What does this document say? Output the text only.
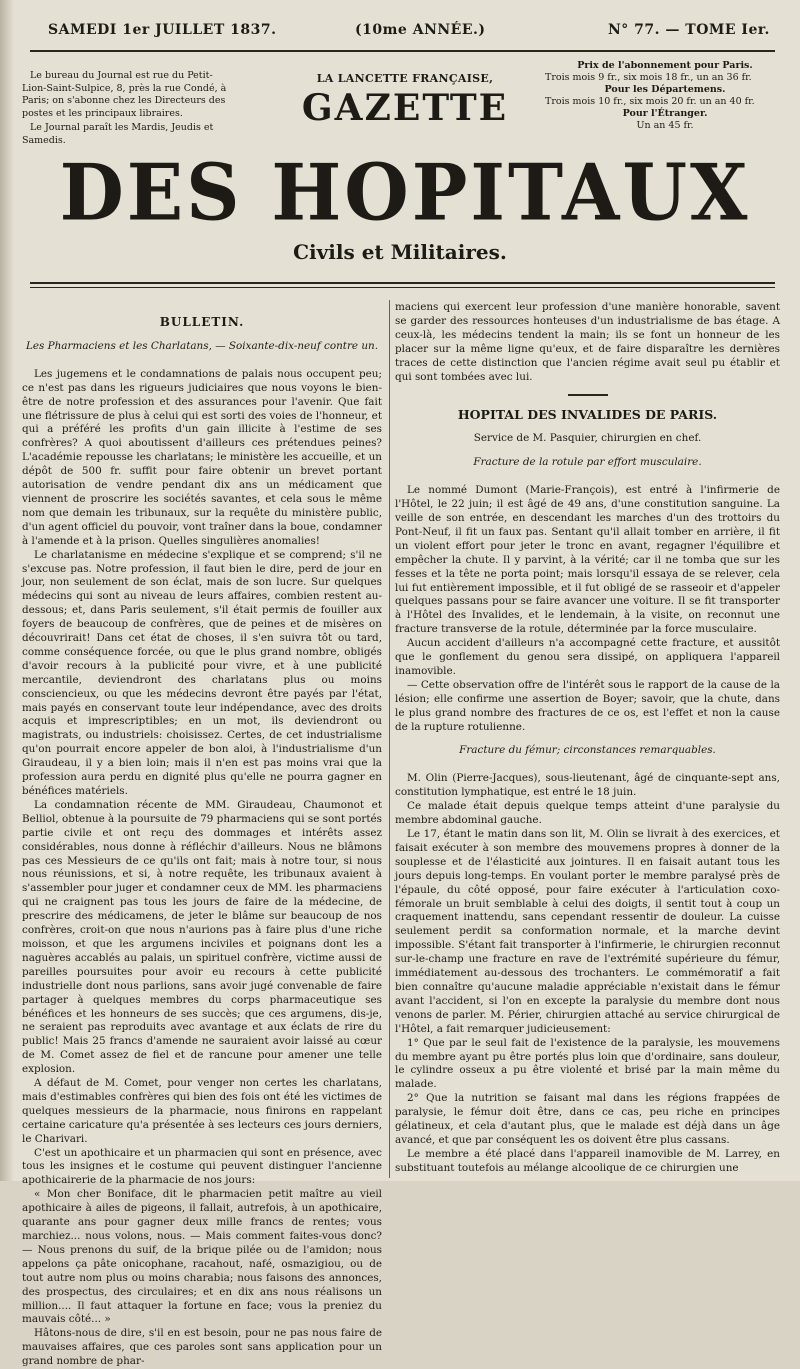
SAMEDI 1er JUILLET 1837.	(10me ANNÉE.)	N° 77. — TOME Ier.

Le bureau du Journal est rue du Petit-Lion-Saint-Sulpice, 8, près la rue Condé, à Paris; on s'abonne chez les Directeurs des postes et les principaux libraires.

Le Journal paraît les Mardis, Jeudis et Samedis.

LA LANCETTE FRANÇAISE,
GAZETTE
Prix de l'abonnement pour Paris.
Trois mois 9 fr., six mois 18 fr., un an 36 fr.
Pour les Départemens.
Trois mois 10 fr., six mois 20 fr. un an 40 fr.
Pour l'Étranger.
Un an 45 fr.
DES HOPITAUX
Civils et Militaires.
BULLETIN.
Les Pharmaciens et les Charlatans, — Soixante-dix-neuf contre un.

Les jugemens et le condamnations de palais nous occupent peu; ce n'est pas dans les rigueurs judiciaires que nous voyons le bien-être de notre profession et des assurances pour l'avenir. Que fait une flétrissure de plus à celui qui est sorti des voies de l'honneur, et qui a préféré les profits d'un gain illicite à l'estime de ses confrères? A quoi aboutissent d'ailleurs ces prétendues peines? L'académie repousse les charlatans; le ministère les accueille, et un dépôt de 500 fr. suffit pour faire obtenir un brevet portant autorisation de vendre pendant dix ans un médicament que viennent de proscrire les sociétés savantes, et cela sous le même nom que demain les tribunaux, sur la requête du ministère public, d'un agent officiel du pouvoir, vont traîner dans la boue, condamner à l'amende et à la prison. Quelles singulières anomalies!

Le charlatanisme en médecine s'explique et se comprend; s'il ne s'excuse pas. Notre profession, il faut bien le dire, perd de jour en jour, non seulement de son éclat, mais de son lucre. Sur quelques médecins qui sont au niveau de leurs affaires, combien restent au-dessous; et, dans Paris seulement, s'il était permis de fouiller aux foyers de beaucoup de confrères, que de peines et de misères on découvrirait! Dans cet état de choses, il s'en suivra tôt ou tard, comme conséquence forcée, ou que le plus grand nombre, obligés d'avoir recours à la publicité pour vivre, et à une publicité mercantile, deviendront des charlatans plus ou moins consciencieux, ou que les médecins devront être payés par l'état, mais payés en conservant toute leur indépendance, avec des droits acquis et imprescriptibles; en un mot, ils deviendront ou magistrats, ou industriels: choisissez. Certes, de cet industrialisme qu'on pourrait encore appeler de bon aloi, à l'industrialisme d'un Giraudeau, il y a bien loin; mais il n'en est pas moins vrai que la profession aura perdu en dignité plus qu'elle ne pourra gagner en bénéfices matériels.

La condamnation récente de MM. Giraudeau, Chaumonot et Belliol, obtenue à la poursuite de 79 pharmaciens qui se sont portés partie civile et ont reçu des dommages et intérêts assez considérables, nous donne à réfléchir d'ailleurs. Nous ne blâmons pas ces Messieurs de ce qu'ils ont fait; mais à notre tour, si nous nous réunissions, et si, à notre requête, les tribunaux avaient à s'assembler pour juger et condamner ceux de MM. les pharmaciens qui ne craignent pas tous les jours de faire de la médecine, de prescrire des médicamens, de jeter le blâme sur beaucoup de nos confrères, croit-on que nous n'aurions pas à faire plus d'une riche moisson, et que les argumens inciviles et poignans dont les a naguères accablés au palais, un spirituel confrère, victime aussi de pareilles poursuites pour avoir eu recours à cette publicité industrielle dont nous parlions, sans avoir jugé convenable de faire partager à quelques membres du corps pharmaceutique ses bénéfices et les honneurs de ses succès; que ces argumens, dis-je, ne seraient pas reproduits avec avantage et aux éclats de rire du public! Mais 25 francs d'amende ne sauraient avoir laissé au cœur de M. Comet assez de fiel et de rancune pour amener une telle explosion.

A défaut de M. Comet, pour venger non certes les charlatans, mais d'estimables confrères qui bien des fois ont été les victimes de quelques messieurs de la pharmacie, nous finirons en rappelant certaine caricature qu'a présentée à ses lecteurs ces jours derniers, le Charivari.

C'est un apothicaire et un pharmacien qui sont en présence, avec tous les insignes et le costume qui peuvent distinguer l'ancienne apothicairerie de la pharmacie de nos jours:

« Mon cher Boniface, dit le pharmacien petit maître au vieil apothicaire à ailes de pigeons, il fallait, autrefois, à un apothicaire, quarante ans pour gagner deux mille francs de rentes; vous marchiez... nous volons, nous. — Mais comment faites-vous donc? — Nous prenons du suif, de la brique pilée ou de l'amidon; nous appelons ça pâte onicophane, racahout, nafé, osmazigiou, ou de tout autre nom plus ou moins charabia; nous faisons des annonces, des prospectus, des circulaires; et en dix ans nous réalisons un million.... Il faut attaquer la fortune en face; vous la preniez du mauvais côté... »

Hâtons-nous de dire, s'il en est besoin, pour ne pas nous faire de mauvaises affaires, que ces paroles sont sans application pour un grand nombre de phar-

maciens qui exercent leur profession d'une manière honorable, savent se garder des ressources honteuses d'un industrialisme de bas étage. A ceux-là, les médecins tendent la main; ils se font un honneur de les placer sur la même ligne qu'eux, et de faire disparaître les dernières traces de cette distinction que l'ancien régime avait seul pu établir et qui sont tombées avec lui.

HOPITAL DES INVALIDES DE PARIS.
Service de M. Pasquier, chirurgien en chef.
Fracture de la rotule par effort musculaire.

Le nommé Dumont (Marie-François), est entré à l'infirmerie de l'Hôtel, le 22 juin; il est âgé de 49 ans, d'une constitution sanguine. La veille de son entrée, en descendant les marches d'un des trottoirs du Pont-Neuf, il fit un faux pas. Sentant qu'il allait tomber en arrière, il fit un violent effort pour jeter le tronc en avant, regagner l'équilibre et empêcher la chute. Il y parvint, à la vérité; car il ne tomba que sur les fesses et la tête ne porta point; mais lorsqu'il essaya de se relever, cela lui fut entièrement impossible, et il fut obligé de se rasseoir et d'appeler quelques passans pour se faire avancer une voiture. Il se fit transporter à l'Hôtel des Invalides, et le lendemain, à la visite, on reconnut une fracture transverse de la rotule, déterminée par la force musculaire.

Aucun accident d'ailleurs n'a accompagné cette fracture, et aussitôt que le gonflement du genou sera dissipé, on appliquera l'appareil inamovible.

— Cette observation offre de l'intérêt sous le rapport de la cause de la lésion; elle confirme une assertion de Boyer; savoir, que la chute, dans le plus grand nombre des fractures de ce os, est l'effet et non la cause de la rupture rotulienne.

Fracture du fémur; circonstances remarquables.

M. Olin (Pierre-Jacques), sous-lieutenant, âgé de cinquante-sept ans, constitution lymphatique, est entré le 18 juin.

Ce malade était depuis quelque temps atteint d'une paralysie du membre abdominal gauche.

Le 17, étant le matin dans son lit, M. Olin se livrait à des exercices, et faisait exécuter à son membre des mouvemens propres à donner de la souplesse et de l'élasticité aux jointures. Il en faisait autant tous les jours depuis long-temps. En voulant porter le membre paralysé près de l'épaule, du côté opposé, pour faire exécuter à l'articulation coxo-fémorale un bruit semblable à celui des doigts, il sentit tout à coup un craquement inattendu, sans cependant ressentir de douleur. La cuisse seulement perdit sa conformation normale, et la marche devint impossible. S'étant fait transporter à l'infirmerie, le chirurgien reconnut sur-le-champ une fracture en rave de l'extrémité supérieure du fémur, immédiatement au-dessous des trochanters. Le commémoratif a fait bien connaître qu'aucune maladie appréciable n'existait dans le fémur avant l'accident, si l'on en excepte la paralysie du membre dont nous venons de parler. M. Périer, chirurgien attaché au service chirurgical de l'Hôtel, a fait remarquer judicieusement:

1° Que par le seul fait de l'existence de la paralysie, les mouvemens du membre ayant pu être portés plus loin que d'ordinaire, sans douleur, le cylindre osseux a pu être violenté et brisé par la main même du malade.

2° Que la nutrition se faisant mal dans les régions frappées de paralysie, le fémur doit être, dans ce cas, peu riche en principes gélatineux, et cela d'autant plus, que le malade est déjà dans un âge avancé, et que par conséquent les os doivent être plus cassans.

Le membre a été placé dans l'appareil inamovible de M. Larrey, en substituant toutefois au mélange alcoolique de ce chirurgien une
